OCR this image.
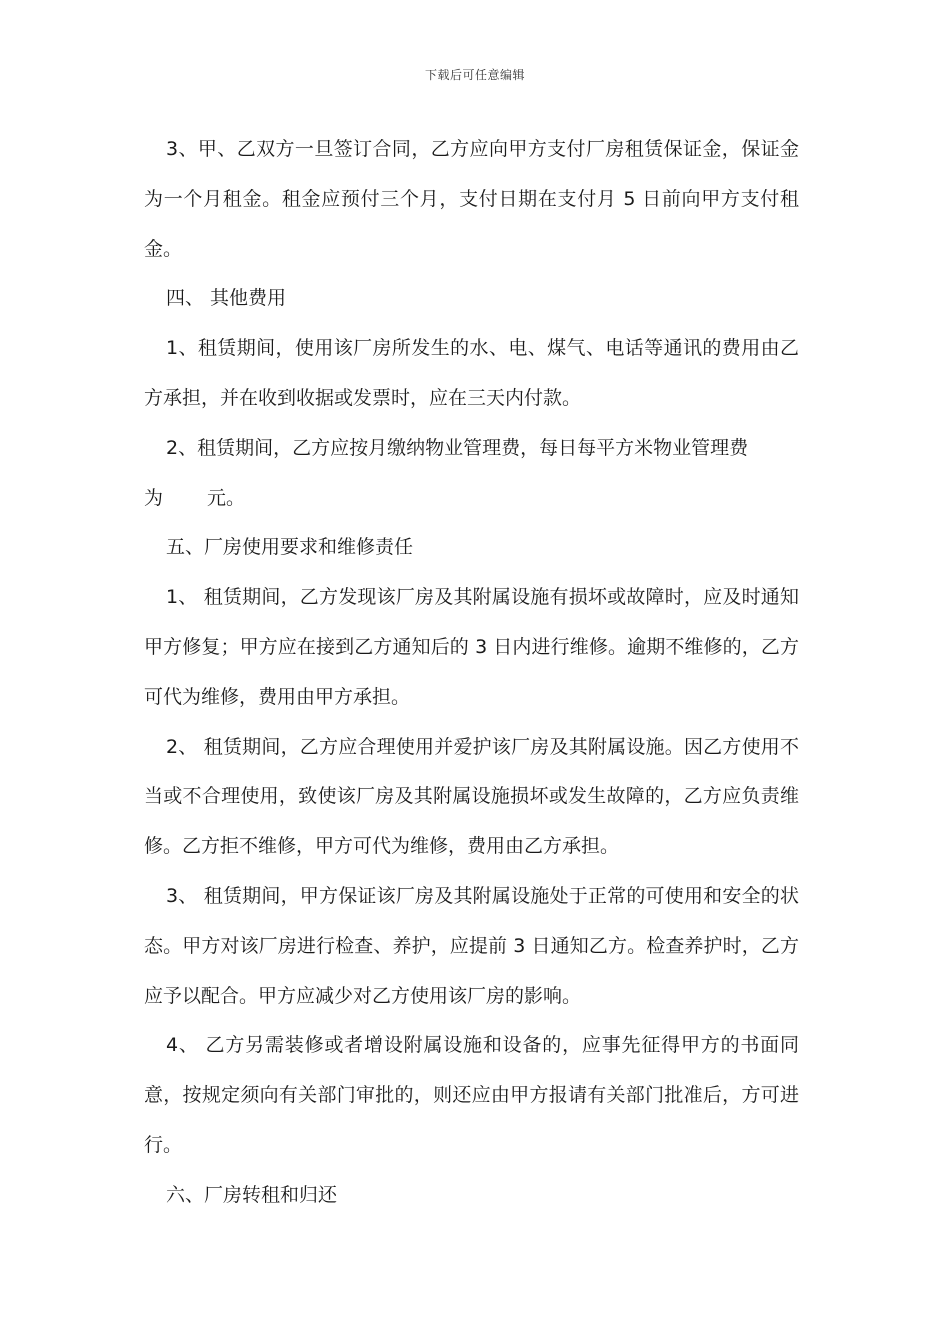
下载后可任意编辑

3、甲、乙双方一旦签订合同，乙方应向甲方支付厂房租赁保证金，保证金为一个月租金。租金应预付三个月，支付日期在支付月 5 日前向甲方支付租金。

四、 其他费用

1、租赁期间，使用该厂房所发生的水、电、煤气、电话等通讯的费用由乙方承担，并在收到收据或发票时，应在三天内付款。

2、租赁期间，乙方应按月缴纳物业管理费，每日每平方米物业管理费

为　　 元。

五、厂房使用要求和维修责任

1、 租赁期间，乙方发现该厂房及其附属设施有损坏或故障时，应及时通知甲方修复；甲方应在接到乙方通知后的 3 日内进行维修。逾期不维修的，乙方可代为维修，费用由甲方承担。

2、 租赁期间，乙方应合理使用并爱护该厂房及其附属设施。因乙方使用不当或不合理使用，致使该厂房及其附属设施损坏或发生故障的，乙方应负责维修。乙方拒不维修，甲方可代为维修，费用由乙方承担。

3、 租赁期间，甲方保证该厂房及其附属设施处于正常的可使用和安全的状态。甲方对该厂房进行检查、养护，应提前 3 日通知乙方。检查养护时，乙方应予以配合。甲方应减少对乙方使用该厂房的影响。

4、 乙方另需装修或者增设附属设施和设备的，应事先征得甲方的书面同意，按规定须向有关部门审批的，则还应由甲方报请有关部门批准后，方可进行。

六、厂房转租和归还
